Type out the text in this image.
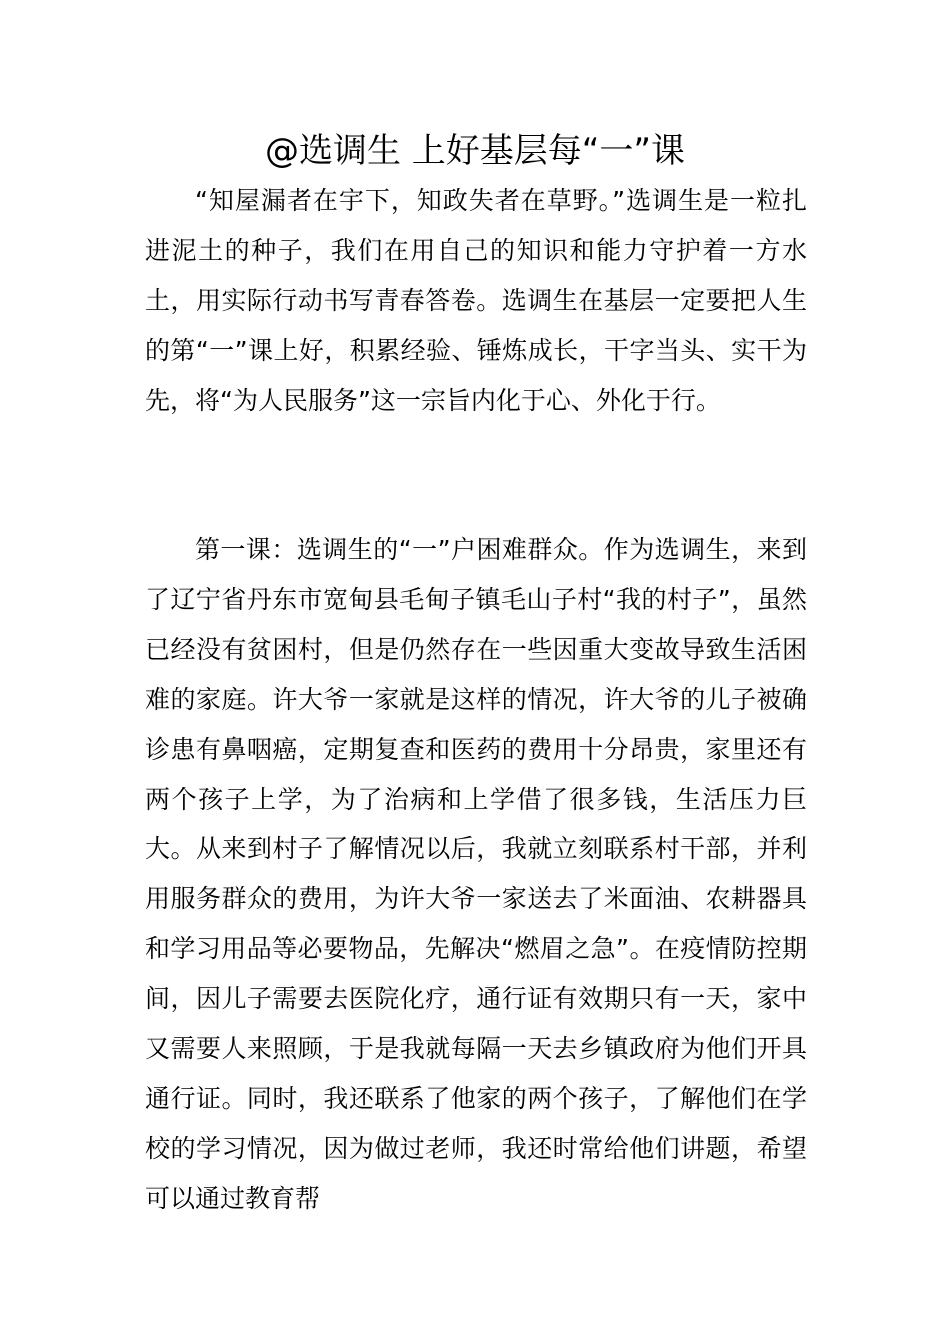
@选调生 上好基层每“一”课

“知屋漏者在宇下，知政失者在草野。”选调生是一粒扎进泥土的种子，我们在用自己的知识和能力守护着一方水土，用实际行动书写青春答卷。选调生在基层一定要把人生的第“一”课上好，积累经验、锤炼成长，干字当头、实干为先，将“为人民服务”这一宗旨内化于心、外化于行。

第一课：选调生的“一”户困难群众。作为选调生，来到了辽宁省丹东市宽甸县毛甸子镇毛山子村“我的村子”，虽然已经没有贫困村，但是仍然存在一些因重大变故导致生活困难的家庭。许大爷一家就是这样的情况，许大爷的儿子被确诊患有鼻咽癌，定期复查和医药的费用十分昂贵，家里还有两个孩子上学，为了治病和上学借了很多钱，生活压力巨大。从来到村子了解情况以后，我就立刻联系村干部，并利用服务群众的费用，为许大爷一家送去了米面油、农耕器具和学习用品等必要物品，先解决“燃眉之急”。在疫情防控期间，因儿子需要去医院化疗，通行证有效期只有一天，家中又需要人来照顾，于是我就每隔一天去乡镇政府为他们开具通行证。同时，我还联系了他家的两个孩子，了解他们在学校的学习情况，因为做过老师，我还时常给他们讲题，希望可以通过教育帮
